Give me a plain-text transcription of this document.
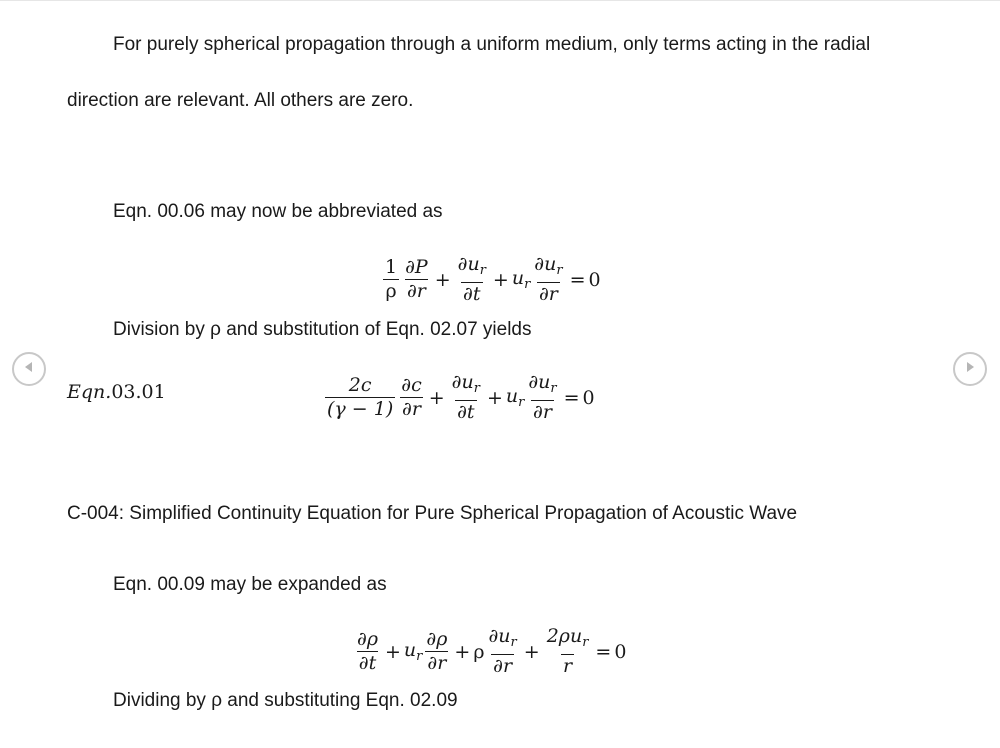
For purely spherical propagation through a uniform medium, only terms acting in the radial
direction are relevant. All others are zero.
Eqn. 00.06 may now be abbreviated as
$\frac{1}{\rho} \frac{\partial P}{\partial r} + \frac{\partial u_r}{\partial t} + u_r \frac{\partial u_r}{\partial r} = 0$
Division by ρ and substitution of Eqn. 02.07 yields
Eqn.03.01	$\frac{2c}{(\gamma - 1)} \frac{\partial c}{\partial r} + \frac{\partial u_r}{\partial t} + u_r \frac{\partial u_r}{\partial r} = 0$
C-004: Simplified Continuity Equation for Pure Spherical Propagation of Acoustic Wave
Eqn. 00.09 may be expanded as
$\frac{\partial\rho}{\partial t} + u_r \frac{\partial\rho}{\partial r} + \rho \frac{\partial u_r}{\partial r} + \frac{2\rho u_r}{r} = 0$
Dividing by ρ and substituting Eqn. 02.09
